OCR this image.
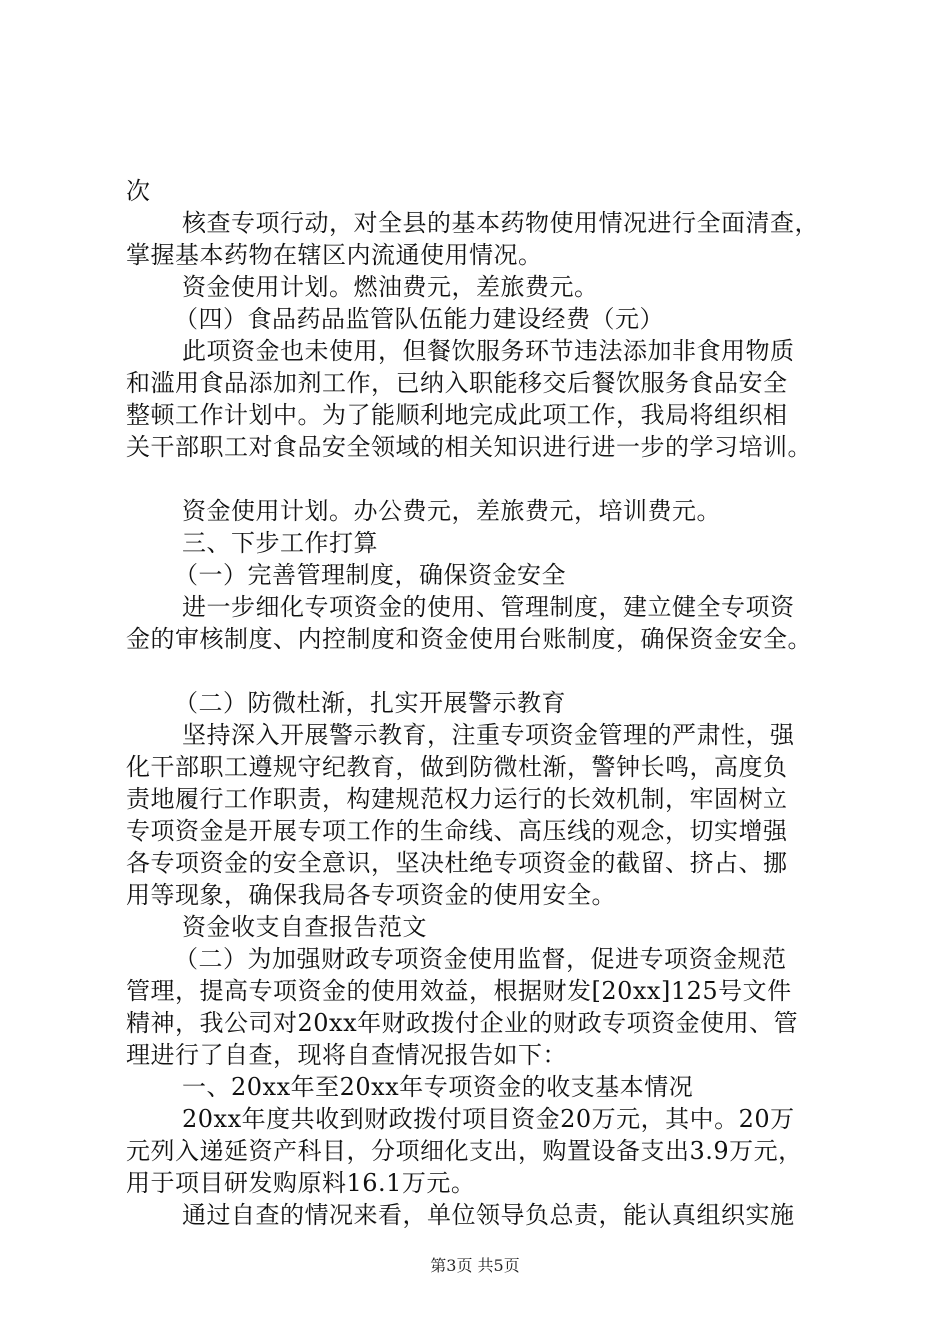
次
核查专项行动，对全县的基本药物使用情况进行全面清查，
掌握基本药物在辖区内流通使用情况。
资金使用计划。燃油费元，差旅费元。
（四）食品药品监管队伍能力建设经费（元）
此项资金也未使用，但餐饮服务环节违法添加非食用物质
和滥用食品添加剂工作，已纳入职能移交后餐饮服务食品安全
整顿工作计划中。为了能顺利地完成此项工作，我局将组织相
关干部职工对食品安全领域的相关知识进行进一步的学习培训。
资金使用计划。办公费元，差旅费元，培训费元。
三、下步工作打算
（一）完善管理制度，确保资金安全
进一步细化专项资金的使用、管理制度，建立健全专项资
金的审核制度、内控制度和资金使用台账制度，确保资金安全。
（二）防微杜渐，扎实开展警示教育
坚持深入开展警示教育，注重专项资金管理的严肃性，强
化干部职工遵规守纪教育，做到防微杜渐，警钟长鸣，高度负
责地履行工作职责，构建规范权力运行的长效机制，牢固树立
专项资金是开展专项工作的生命线、高压线的观念，切实增强
各专项资金的安全意识，坚决杜绝专项资金的截留、挤占、挪
用等现象，确保我局各专项资金的使用安全。
资金收支自查报告范文
（二）为加强财政专项资金使用监督，促进专项资金规范
管理，提高专项资金的使用效益，根据财发[20xx]125号文件
精神，我公司对20xx年财政拨付企业的财政专项资金使用、管
理进行了自查，现将自查情况报告如下：
一、20xx年至20xx年专项资金的收支基本情况
20xx年度共收到财政拨付项目资金20万元，其中。20万
元列入递延资产科目，分项细化支出，购置设备支出3.9万元，
用于项目研发购原料16.1万元。
通过自查的情况来看，单位领导负总责，能认真组织实施
第3页 共5页
